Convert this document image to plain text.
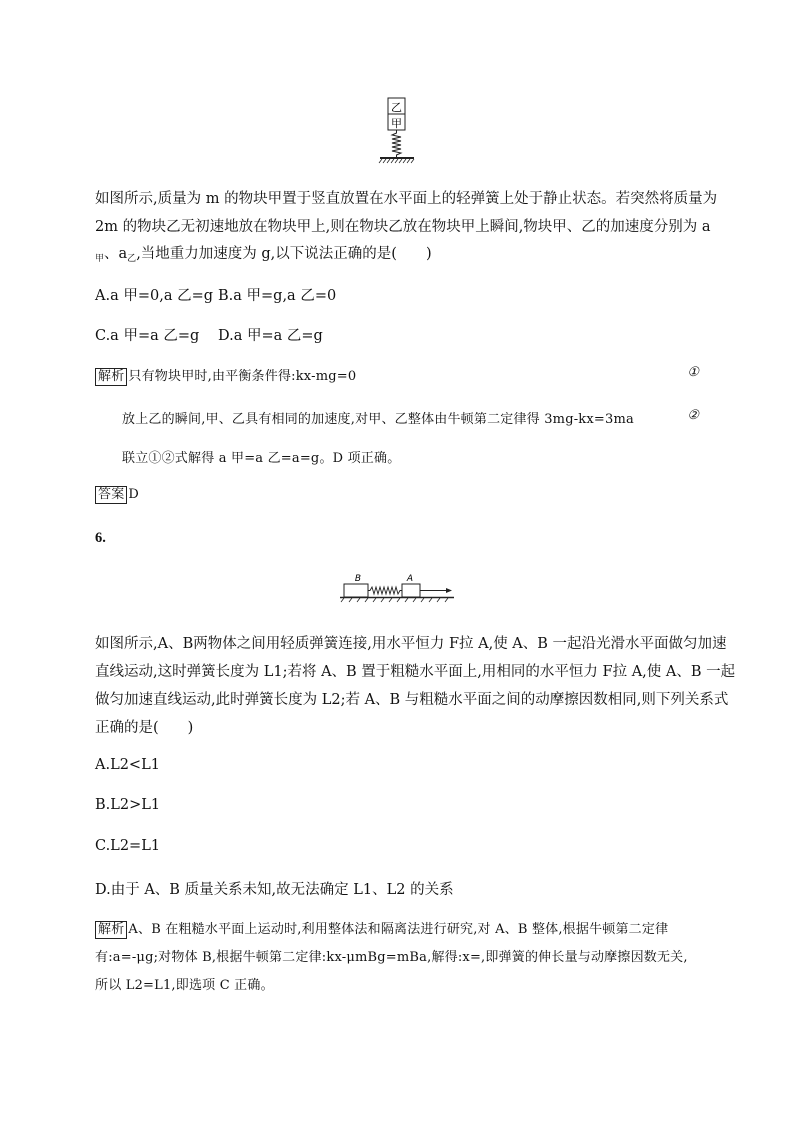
乙
甲
如图所示,质量为 m 的物块甲置于竖直放置在水平面上的轻弹簧上处于静止状态。若突然将质量为
2m 的物块乙无初速地放在物块甲上,则在物块乙放在物块甲上瞬间,物块甲、乙的加速度分别为 a
$_甲$、$a_乙$,当地重力加速度为 g,以下说法正确的是(　　)
A.a 甲=0,a 乙=g B.a 甲=g,a 乙=0
C.a 甲=a 乙=g D.a 甲=a 乙=g
解析 只有物块甲时,由平衡条件得:kx-mg=0	①
放上乙的瞬间,甲、乙具有相同的加速度,对甲、乙整体由牛顿第二定律得 3mg-kx=3ma	②
联立①②式解得 a 甲=a 乙=a=g。D 项正确。
答案 D
6.
B	A
如图所示,A、B两物体之间用轻质弹簧连接,用水平恒力 F拉 A,使 A、B 一起沿光滑水平面做匀加速
直线运动,这时弹簧长度为 L1;若将 A、B 置于粗糙水平面上,用相同的水平恒力 F拉 A,使 A、B 一起
做匀加速直线运动,此时弹簧长度为 L2;若 A、B 与粗糙水平面之间的动摩擦因数相同,则下列关系式
正确的是(　　)
A.L2<L1
B.L2>L1
C.L2=L1
D.由于 A、B 质量关系未知,故无法确定 L1、L2 的关系
解析 A、B 在粗糙水平面上运动时,利用整体法和隔离法进行研究,对 A、B 整体,根据牛顿第二定律
有:a=-μg;对物体 B,根据牛顿第二定律:kx-μmBg=mBa,解得:x=,即弹簧的伸长量与动摩擦因数无关,
所以 L2=L1,即选项 C 正确。
